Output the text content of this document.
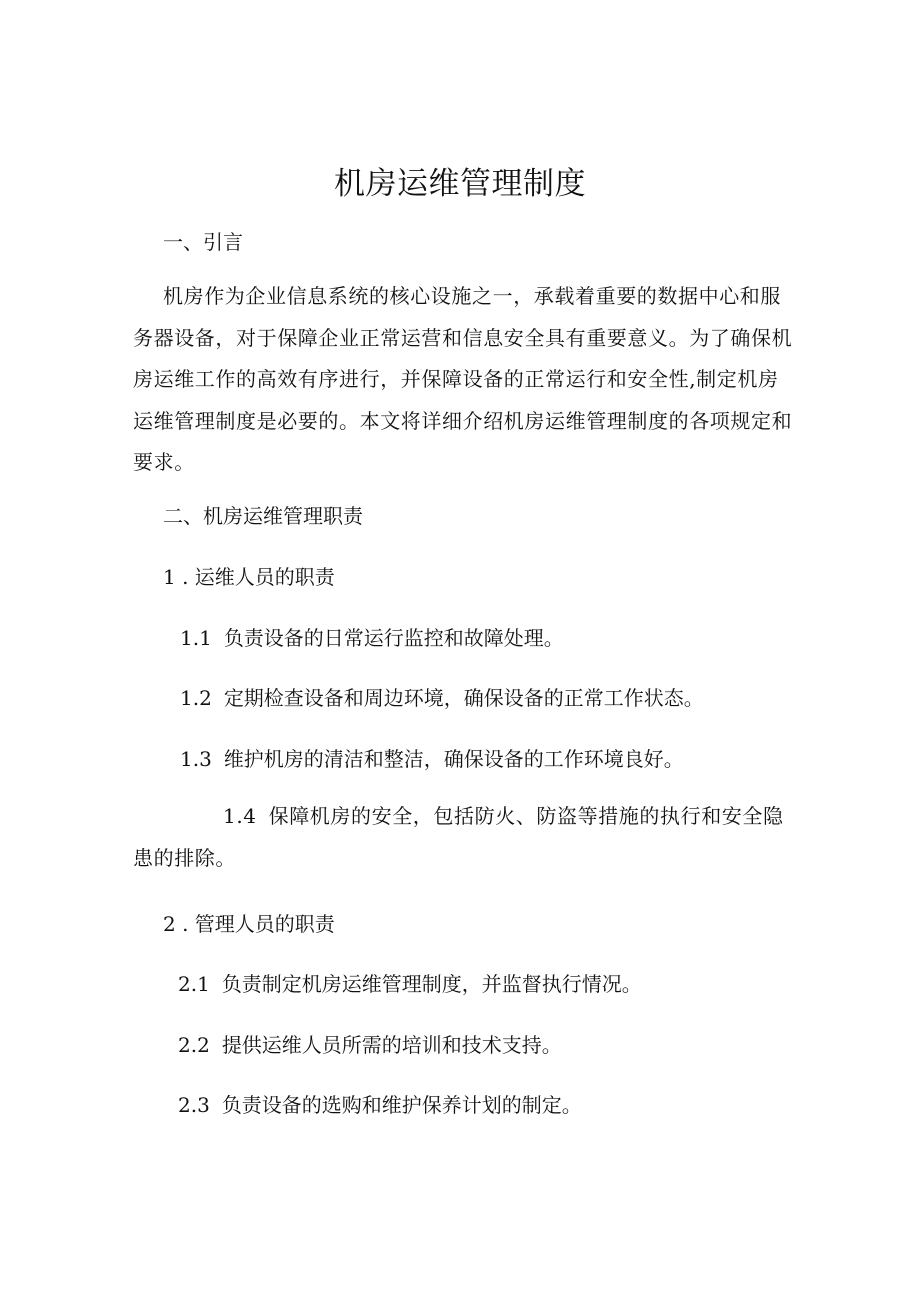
机房运维管理制度

一、引言

机房作为企业信息系统的核心设施之一，承载着重要的数据中心和服务器设备，对于保障企业正常运营和信息安全具有重要意义。为了确保机房运维工作的高效有序进行，并保障设备的正常运行和安全性,制定机房运维管理制度是必要的。本文将详细介绍机房运维管理制度的各项规定和要求。

二、机房运维管理职责

1 . 运维人员的职责

1.1 负责设备的日常运行监控和故障处理。

1.2 定期检查设备和周边环境，确保设备的正常工作状态。

1.3 维护机房的清洁和整洁，确保设备的工作环境良好。

1.4 保障机房的安全，包括防火、防盗等措施的执行和安全隐患的排除。

2 . 管理人员的职责

2.1 负责制定机房运维管理制度，并监督执行情况。

2.2 提供运维人员所需的培训和技术支持。

2.3 负责设备的选购和维护保养计划的制定。
